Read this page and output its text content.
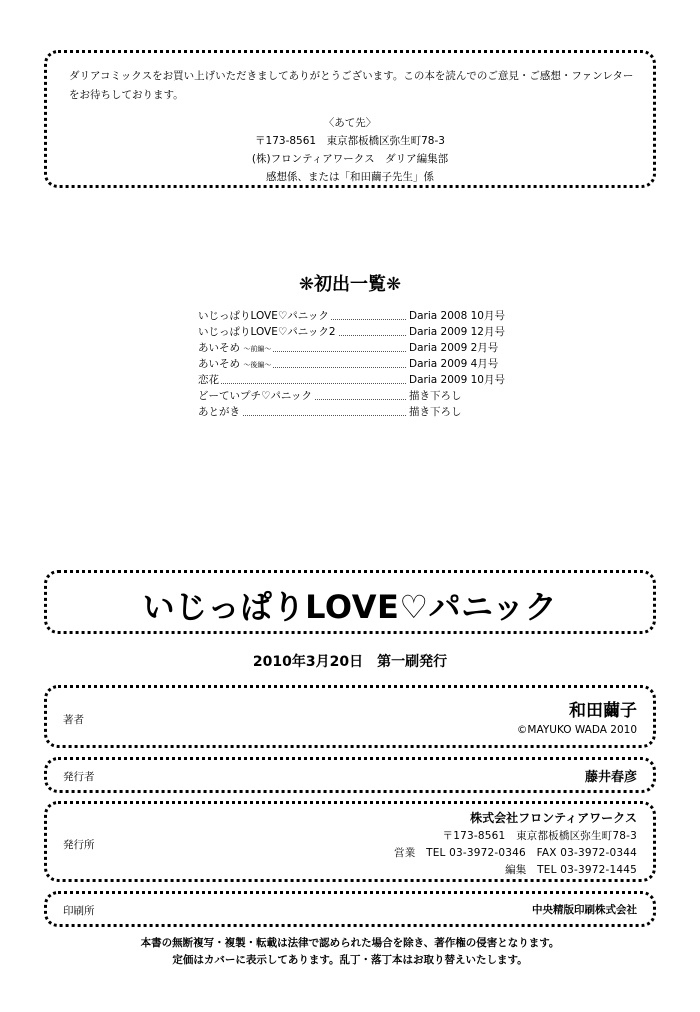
ダリアコミックスをお買い上げいただきましてありがとうございます。この本を読んでのご意見・ご感想・ファンレターをお待ちしております。
〈あて先〉
〒173-8561　東京都板橋区弥生町78-3
(株)フロンティアワークス　ダリア編集部
感想係、または「和田繭子先生」係
❋初出一覧❋
いじっぱりLOVE♡パニック	Daria 2008 10月号
いじっぱりLOVE♡パニック2	Daria 2009 12月号
あいそめ 〜前編〜	Daria 2009 2月号
あいそめ 〜後編〜	Daria 2009 4月号
恋花	Daria 2009 10月号
どーていプチ♡パニック	描き下ろし
あとがき	描き下ろし
いじっぱりLOVE♡パニック
2010年3月20日　第一刷発行
著者	和田繭子
©MAYUKO WADA 2010
発行者	藤井春彦
発行所
株式会社フロンティアワークス
〒173-8561　東京都板橋区弥生町78-3
営業　TEL 03-3972-0346　FAX 03-3972-0344
編集　TEL 03-3972-1445
印刷所	中央精版印刷株式会社
本書の無断複写・複製・転載は法律で認められた場合を除き、著作権の侵害となります。
定価はカバーに表示してあります。乱丁・落丁本はお取り替えいたします。
